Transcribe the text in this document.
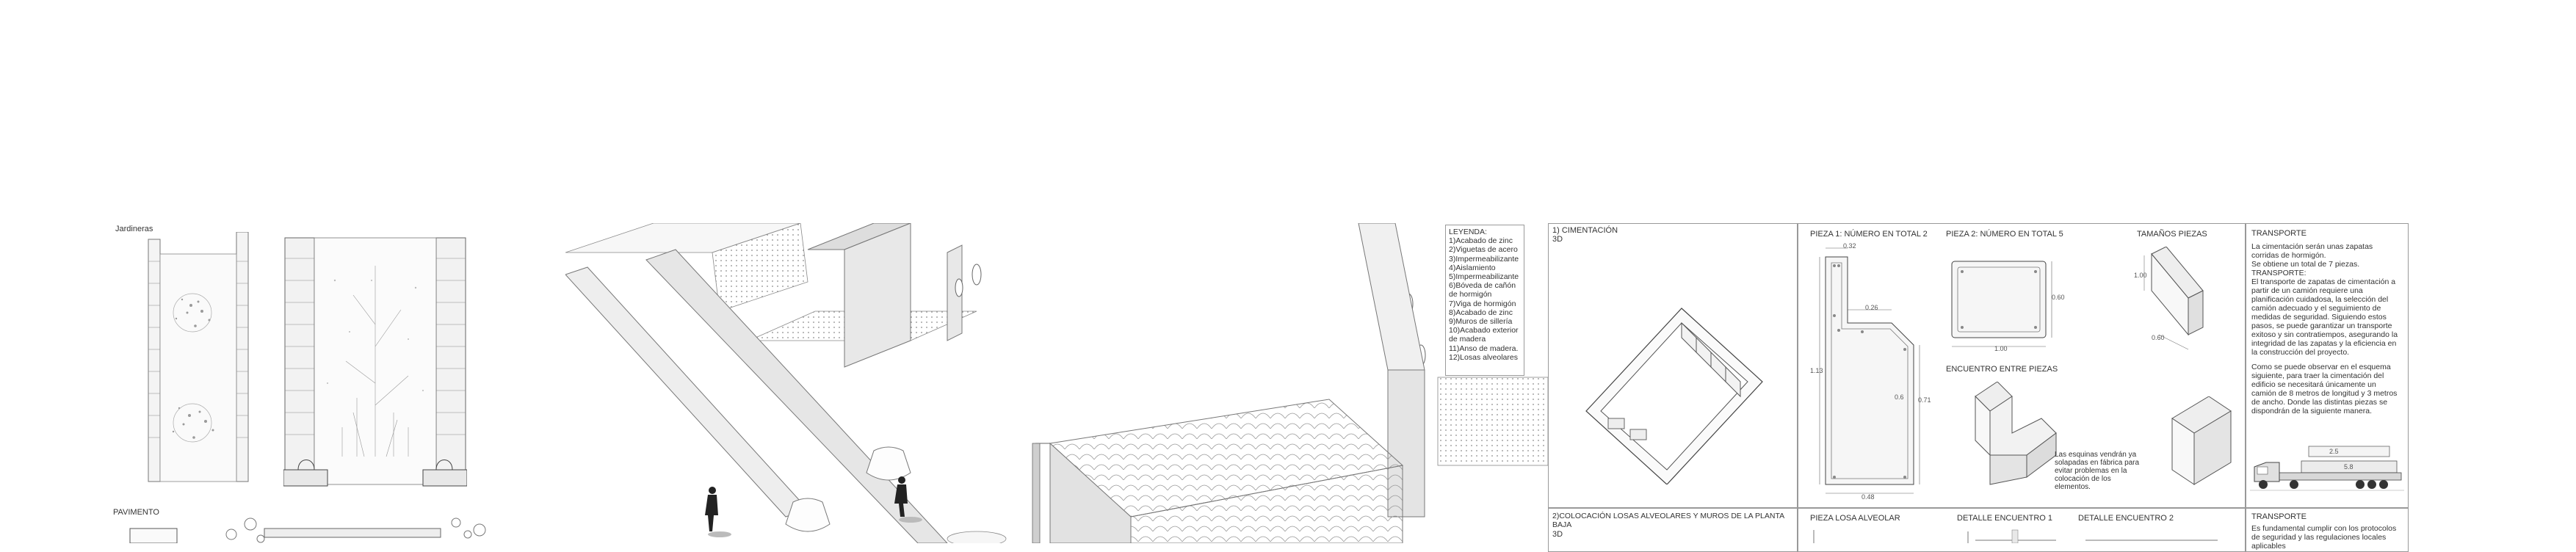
Jardineras
PAVIMENTO
LEYENDA:
1)Acabado de zinc
2)Viguetas de acero
3)Impermeabilizante
4)Aislamiento
5)Impermeabilizante
6)Bóveda de cañón de hormigón
7)Viga de hormigón
8)Acabado de zinc
9)Muros de sillería
10)Acabado exterior de madera
11)Anso de madera.
12)Losas alveolares
1) CIMENTACIÓN
3D
2)COLOCACIÓN LOSAS ALVEOLARES Y MUROS DE LA PLANTA BAJA
3D
PIEZA 1: NÚMERO EN TOTAL 2
0.32
0.26
1.13
0.48
0.71
0.6
PIEZA 2: NÚMERO EN TOTAL 5
0.60
1.00
TAMAÑOS PIEZAS
1.00
0.60
ENCUENTRO ENTRE PIEZAS
Las esquinas vendrán ya solapadas en fábrica para evitar problemas en la colocación de los elementos.
PIEZA LOSA ALVEOLAR	DETALLE ENCUENTRO 1	DETALLE ENCUENTRO 2
TRANSPORTE
La cimentación serán unas zapatas corridas de hormigón.
Se obtiene un total de 7 piezas.
TRANSPORTE:
El transporte de zapatas de cimentación a partir de un camión requiere una planificación cuidadosa, la selección del camión adecuado y el seguimiento de medidas de seguridad. Siguiendo estos pasos, se puede garantizar un transporte exitoso y sin contratiempos, asegurando la integridad de las zapatas y la eficiencia en la construcción del proyecto.
Como se puede observar en el esquema siguiente, para traer la cimentación del edificio se necesitará únicamente un camión de 8 metros de longitud y 3 metros de ancho. Donde las distintas piezas se dispondrán de la siguiente manera.
2.5
5.8
TRANSPORTE
Es fundamental cumplir con los protocolos de seguridad y las regulaciones locales aplicables
